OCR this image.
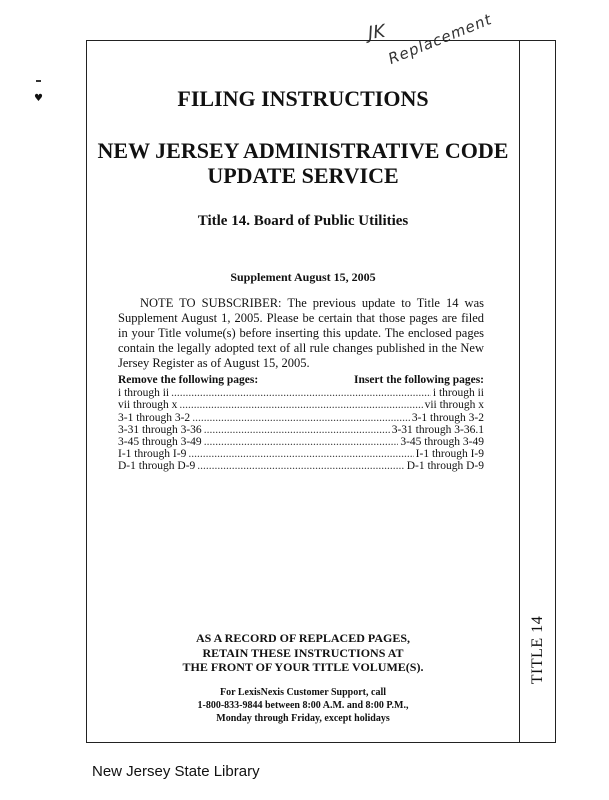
♥
JK Replacement
TITLE 14
FILING INSTRUCTIONS
NEW JERSEY ADMINISTRATIVE CODE
UPDATE SERVICE
Title 14. Board of Public Utilities
Supplement August 15, 2005
NOTE TO SUBSCRIBER: The previous update to Title 14 was Supplement August 1, 2005. Please be certain that those pages are filed in your Title volume(s) before inserting this update. The enclosed pages contain the legally adopted text of all rule changes published in the New Jersey Register as of August 15, 2005.
Remove the following pages:	Insert the following pages:
i through ii .....	i through ii
vii through x .....	vii through x
3-1 through 3-2 .....	3-1 through 3-2
3-31 through 3-36 .....	3-31 through 3-36.1
3-45 through 3-49 .....	3-45 through 3-49
I-1 through I-9 .....	I-1 through I-9
D-1 through D-9 .....	D-1 through D-9
AS A RECORD OF REPLACED PAGES,
RETAIN THESE INSTRUCTIONS AT
THE FRONT OF YOUR TITLE VOLUME(S).
For LexisNexis Customer Support, call
1-800-833-9844 between 8:00 A.M. and 8:00 P.M.,
Monday through Friday, except holidays
New Jersey State Library
